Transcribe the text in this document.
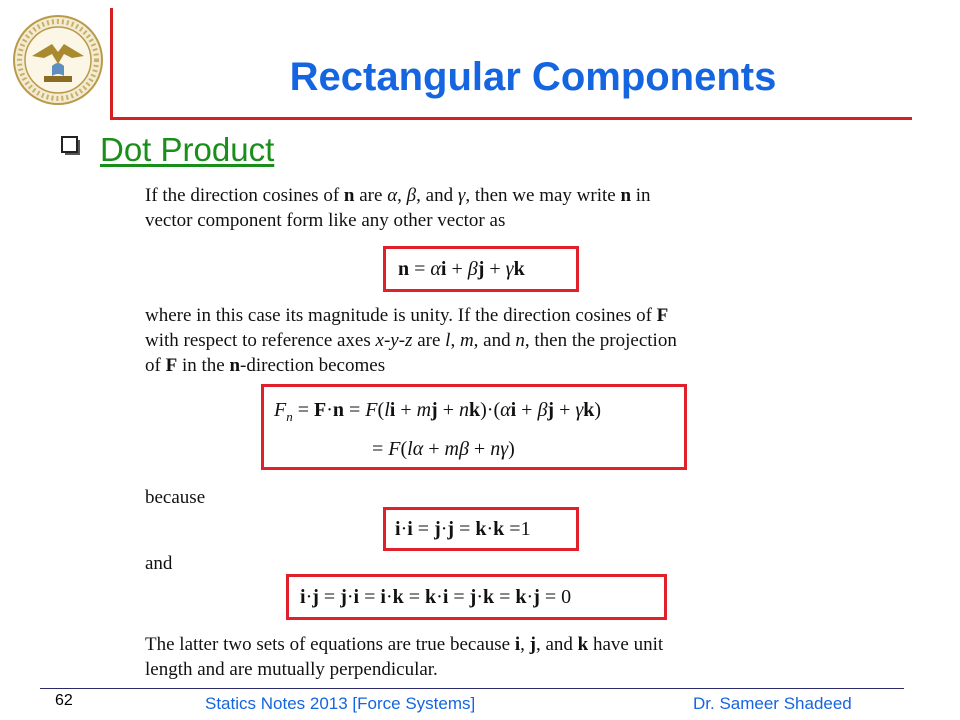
Rectangular Components
Dot Product
If the direction cosines of n are α, β, and γ, then we may write n in
vector component form like any other vector as
n = αi + βj + γk
where in this case its magnitude is unity. If the direction cosines of F
with respect to reference axes x-y-z are l, m, and n, then the projection
of F in the n-direction becomes
$F_n = F\cdot n = F(li$ + mj + nk)·(αi + βj + γk)
= F(lα + mβ + nγ)
because
i·i = j·j = k·k =1
and
i·j = j·i = i·k = k·i = j·k = k·j = 0
The latter two sets of equations are true because i, j, and k have unit
length and are mutually perpendicular.
62	Statics Notes 2013 [Force Systems]	Dr. Sameer Shadeed
